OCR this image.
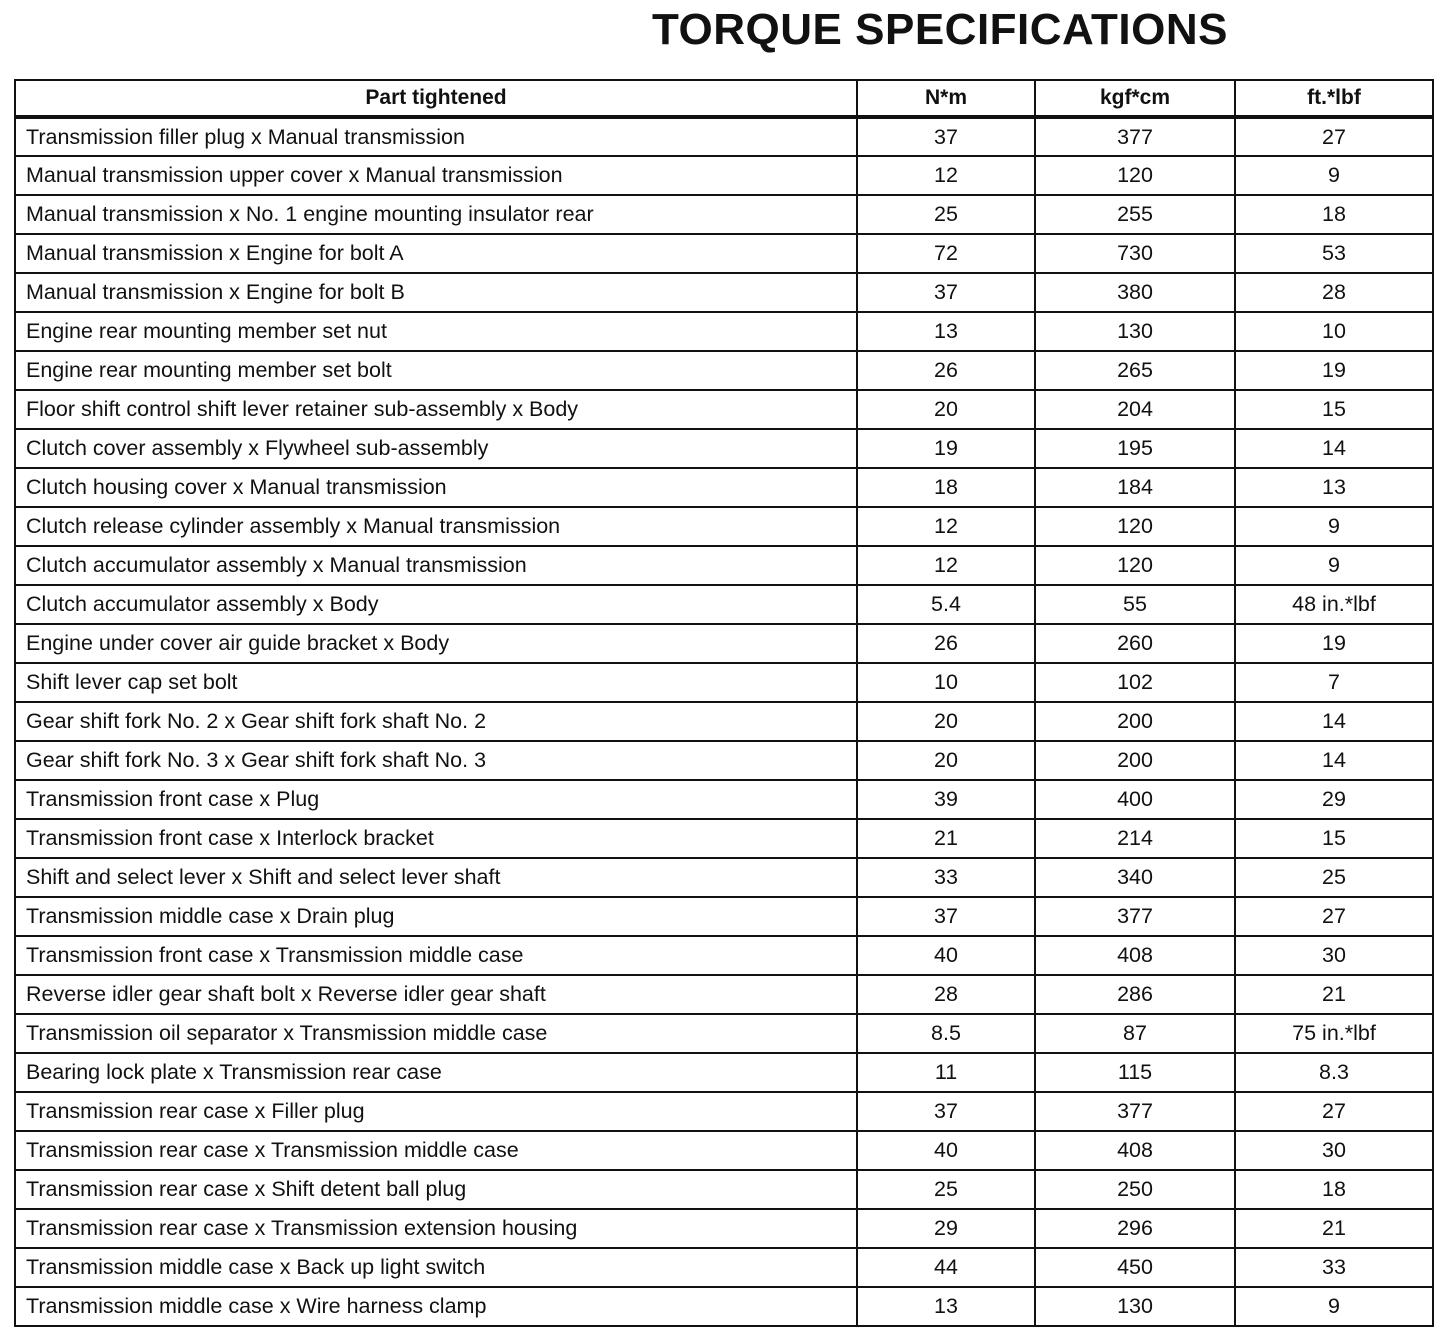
TORQUE SPECIFICATIONS
Part tightened	N*m	kgf*cm	ft.*lbf
Transmission filler plug x Manual transmission	37	377	27
Manual transmission upper cover x Manual transmission	12	120	9
Manual transmission x No. 1 engine mounting insulator rear	25	255	18
Manual transmission x Engine for bolt A	72	730	53
Manual transmission x Engine for bolt B	37	380	28
Engine rear mounting member set nut	13	130	10
Engine rear mounting member set bolt	26	265	19
Floor shift control shift lever retainer sub-assembly x Body	20	204	15
Clutch cover assembly x Flywheel sub-assembly	19	195	14
Clutch housing cover x Manual transmission	18	184	13
Clutch release cylinder assembly x Manual transmission	12	120	9
Clutch accumulator assembly x Manual transmission	12	120	9
Clutch accumulator assembly x Body	5.4	55	48 in.*lbf
Engine under cover air guide bracket x Body	26	260	19
Shift lever cap set bolt	10	102	7
Gear shift fork No. 2 x Gear shift fork shaft No. 2	20	200	14
Gear shift fork No. 3 x Gear shift fork shaft No. 3	20	200	14
Transmission front case x Plug	39	400	29
Transmission front case x Interlock bracket	21	214	15
Shift and select lever x Shift and select lever shaft	33	340	25
Transmission middle case x Drain plug	37	377	27
Transmission front case x Transmission middle case	40	408	30
Reverse idler gear shaft bolt x Reverse idler gear shaft	28	286	21
Transmission oil separator x Transmission middle case	8.5	87	75 in.*lbf
Bearing lock plate x Transmission rear case	11	115	8.3
Transmission rear case x Filler plug	37	377	27
Transmission rear case x Transmission middle case	40	408	30
Transmission rear case x Shift detent ball plug	25	250	18
Transmission rear case x Transmission extension housing	29	296	21
Transmission middle case x Back up light switch	44	450	33
Transmission middle case x Wire harness clamp	13	130	9
